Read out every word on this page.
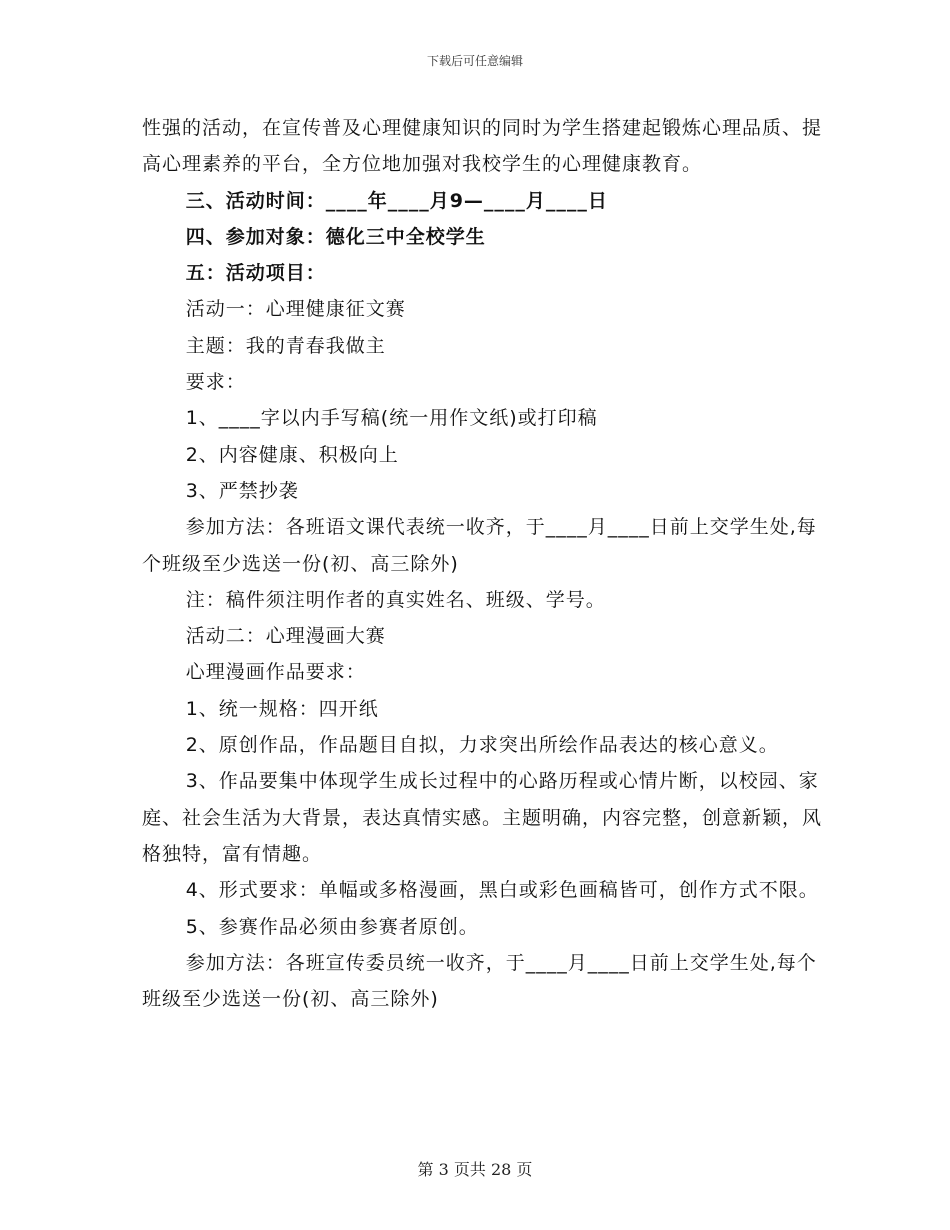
下载后可任意编辑

性强的活动，在宣传普及心理健康知识的同时为学生搭建起锻炼心理品质、提高心理素养的平台，全方位地加强对我校学生的心理健康教育。

三、活动时间：____年____月9—____月____日

四、参加对象：德化三中全校学生

五：活动项目：

活动一：心理健康征文赛

主题：我的青春我做主

要求：

1、____字以内手写稿(统一用作文纸)或打印稿

2、内容健康、积极向上

3、严禁抄袭

参加方法：各班语文课代表统一收齐，于____月____日前上交学生处,每个班级至少选送一份(初、高三除外)

注：稿件须注明作者的真实姓名、班级、学号。

活动二：心理漫画大赛

心理漫画作品要求：

1、统一规格：四开纸

2、原创作品，作品题目自拟，力求突出所绘作品表达的核心意义。

3、作品要集中体现学生成长过程中的心路历程或心情片断，以校园、家庭、社会生活为大背景，表达真情实感。主题明确，内容完整，创意新颖，风格独特，富有情趣。

4、形式要求：单幅或多格漫画，黑白或彩色画稿皆可，创作方式不限。

5、参赛作品必须由参赛者原创。

参加方法：各班宣传委员统一收齐，于____月____日前上交学生处,每个班级至少选送一份(初、高三除外)

第 3 页共 28 页
